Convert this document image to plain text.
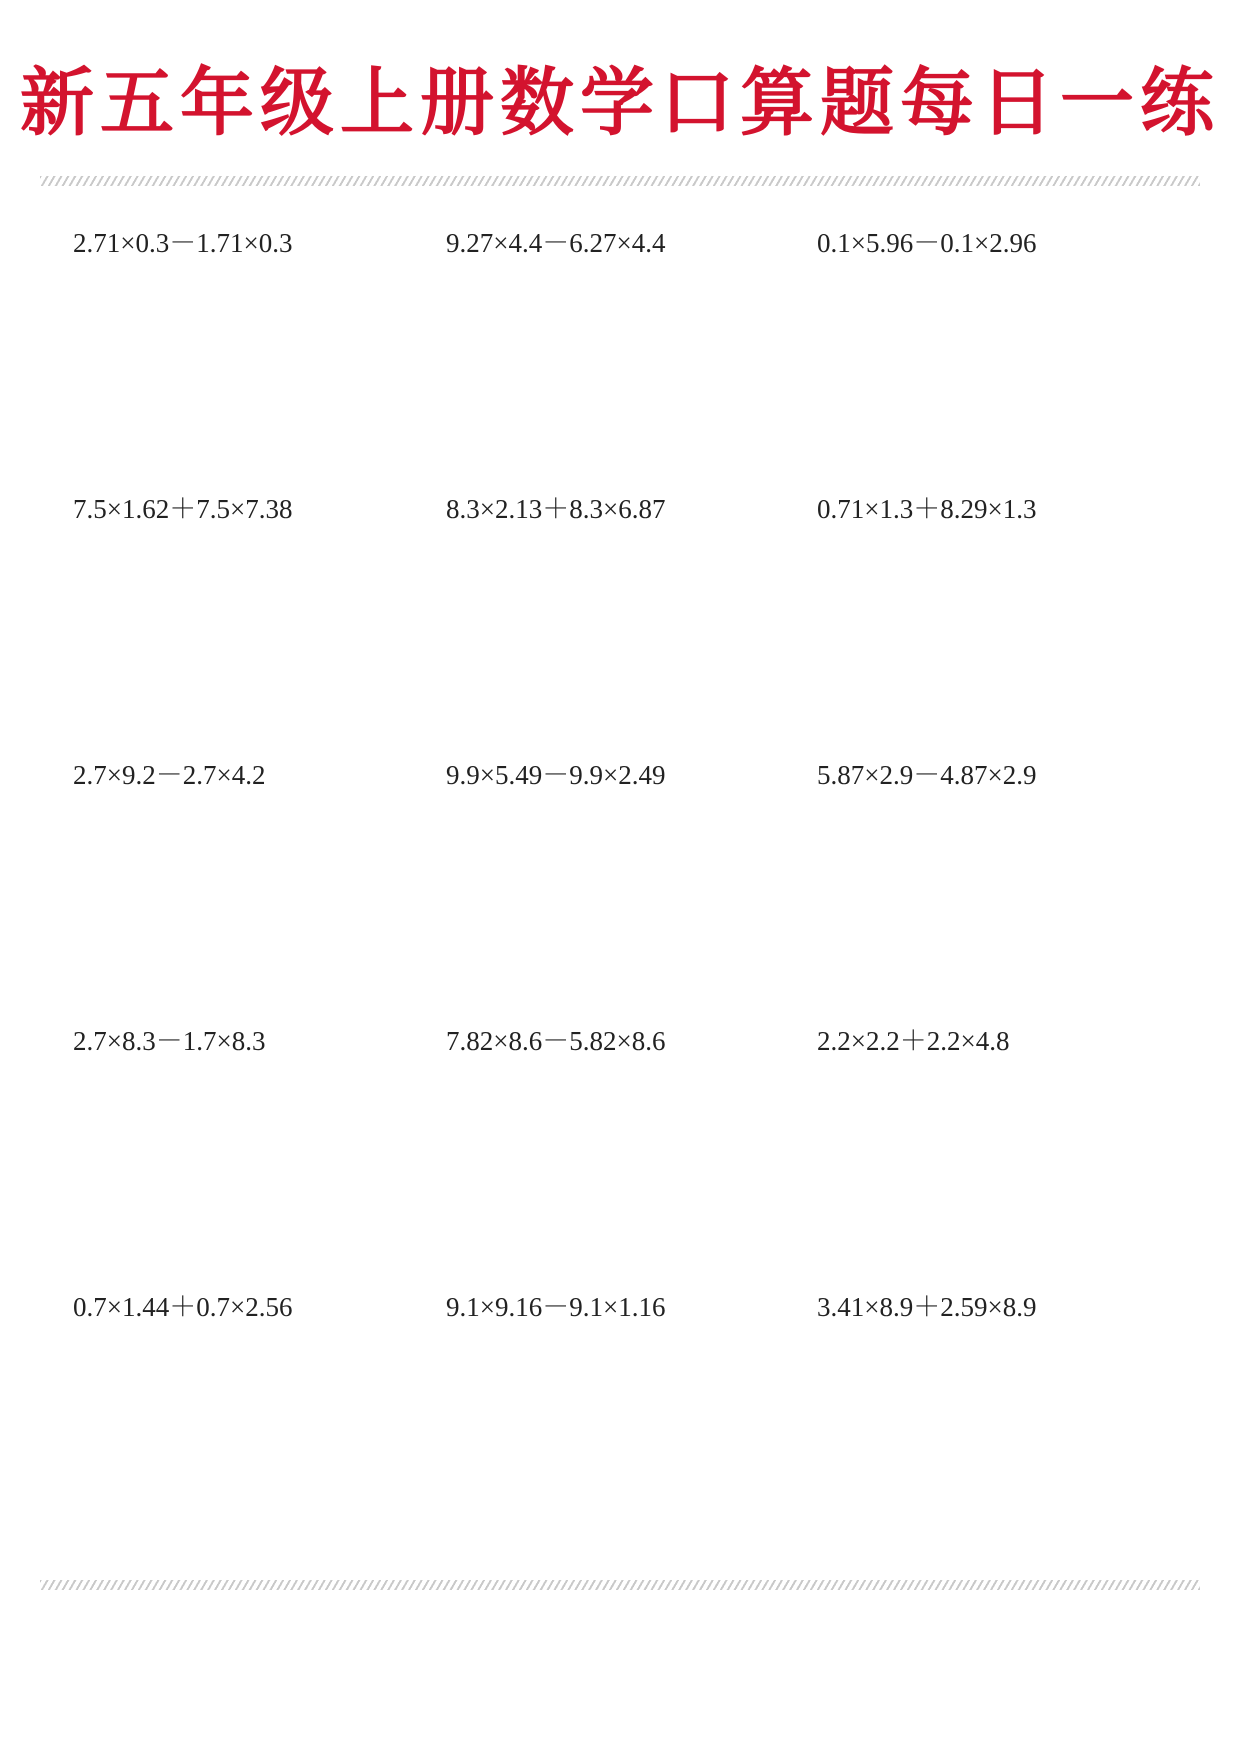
新五年级上册数学口算题每日一练
2.71×0.3－1.71×0.3	9.27×4.4－6.27×4.4	0.1×5.96－0.1×2.96
7.5×1.62＋7.5×7.38	8.3×2.13＋8.3×6.87	0.71×1.3＋8.29×1.3
2.7×9.2－2.7×4.2	9.9×5.49－9.9×2.49	5.87×2.9－4.87×2.9
2.7×8.3－1.7×8.3	7.82×8.6－5.82×8.6	2.2×2.2＋2.2×4.8
0.7×1.44＋0.7×2.56	9.1×9.16－9.1×1.16	3.41×8.9＋2.59×8.9
